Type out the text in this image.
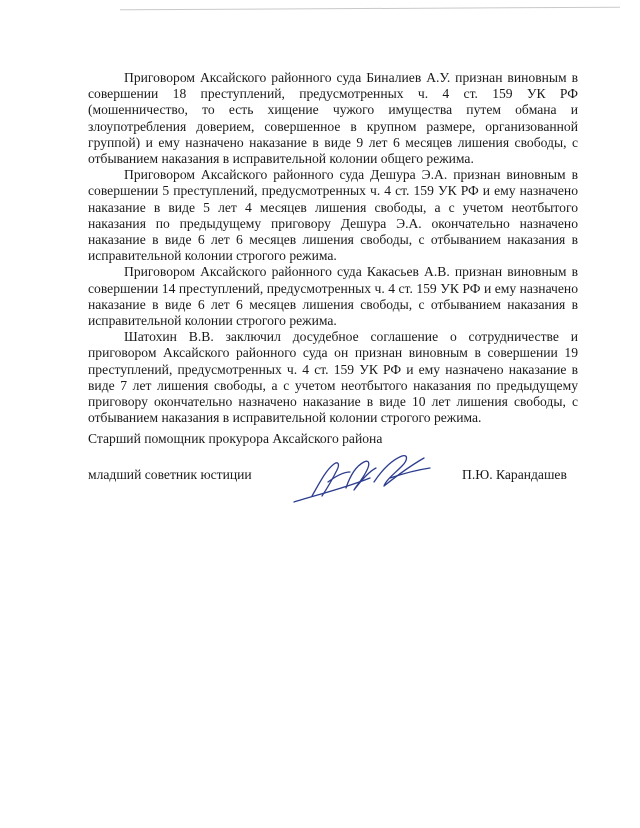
Приговором Аксайского районного суда Биналиев А.У. признан виновным в совершении 18 преступлений, предусмотренных ч. 4 ст. 159 УК РФ (мошенничество, то есть хищение чужого имущества путем обмана и злоупотребления доверием, совершенное в крупном размере, организованной группой) и ему назначено наказание в виде 9 лет 6 месяцев лишения свободы, с отбыванием наказания в исправительной колонии общего режима.

Приговором Аксайского районного суда Дешура Э.А. признан виновным в совершении 5 преступлений, предусмотренных ч. 4 ст. 159 УК РФ и ему назначено наказание в виде 5 лет 4 месяцев лишения свободы, а с учетом неотбытого наказания по предыдущему приговору Дешура Э.А. окончательно назначено наказание в виде 6 лет 6 месяцев лишения свободы, с отбыванием наказания в исправительной колонии строгого режима.

Приговором Аксайского районного суда Какасьев А.В. признан виновным в совершении 14 преступлений, предусмотренных ч. 4 ст. 159 УК РФ и ему назначено наказание в виде 6 лет 6 месяцев лишения свободы, с отбыванием наказания в исправительной колонии строгого режима.

Шатохин В.В. заключил досудебное соглашение о сотрудничестве и приговором Аксайского районного суда он признан виновным в совершении 19 преступлений, предусмотренных ч. 4 ст. 159 УК РФ и ему назначено наказание в виде 7 лет лишения свободы, а с учетом неотбытого наказания по предыдущему приговору окончательно назначено наказание в виде 10 лет лишения свободы, с отбыванием наказания в исправительной колонии строгого режима.

Старший помощник прокурора Аксайского района
младший советник юстиции	П.Ю. Карандашев
